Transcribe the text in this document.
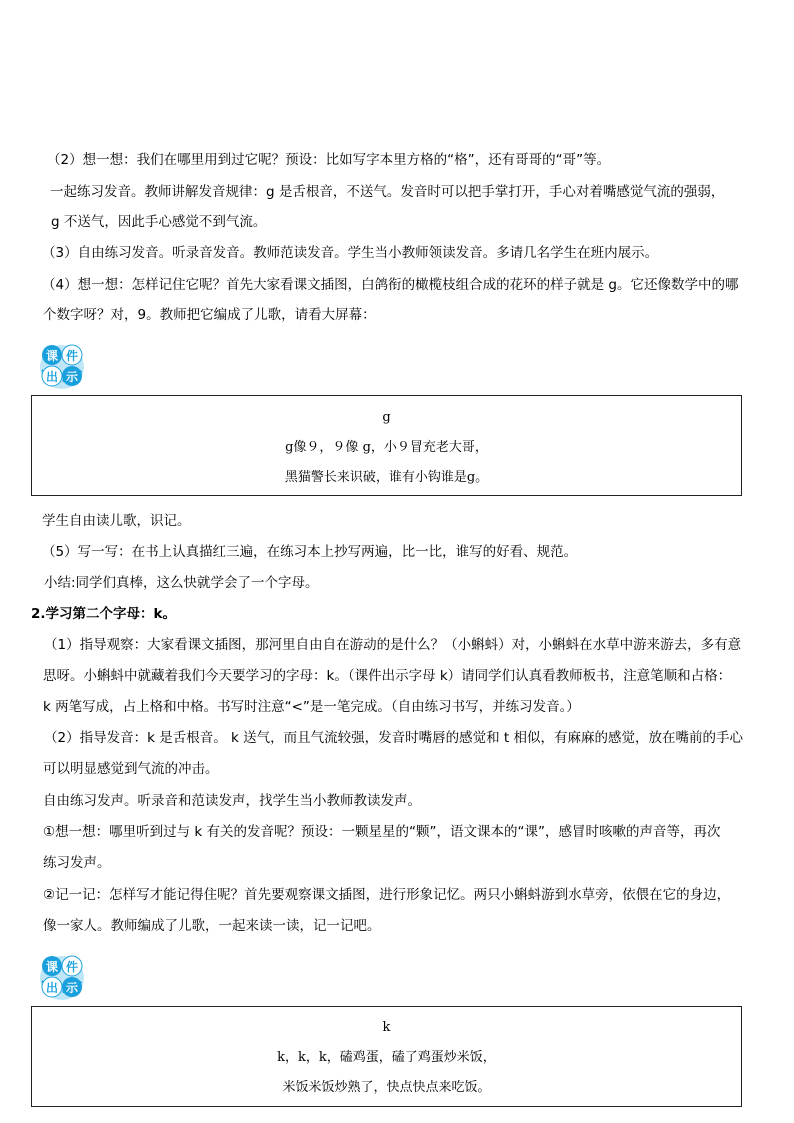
（2）想一想：我们在哪里用到过它呢？预设：比如写字本里方格的“格”，还有哥哥的“哥”等。
一起练习发音。教师讲解发音规律：g 是舌根音，不送气。发音时可以把手掌打开，手心对着嘴感觉气流的强弱，
g 不送气，因此手心感觉不到气流。
（3）自由练习发音。听录音发音。教师范读发音。学生当小教师领读发音。多请几名学生在班内展示。
（4）想一想：怎样记住它呢？首先大家看课文插图，白鸽衔的橄榄枝组合成的花环的样子就是 g。它还像数学中的哪
个数字呀？对，9。教师把它编成了儿歌，请看大屏幕：
课 件
出 示
g
g像９，９像 g，小９冒充老大哥，
黑猫警长来识破，谁有小钩谁是g。
学生自由读儿歌，识记。
（5）写一写：在书上认真描红三遍，在练习本上抄写两遍，比一比，谁写的好看、规范。
小结:同学们真棒，这么快就学会了一个字母。
2.学习第二个字母：k。
（1）指导观察：大家看课文插图，那河里自由自在游动的是什么？（小蝌蚪）对，小蝌蚪在水草中游来游去，多有意
思呀。小蝌蚪中就藏着我们今天要学习的字母：k。（课件出示字母 k）请同学们认真看教师板书，注意笔顺和占格：
k 两笔写成，占上格和中格。书写时注意“<”是一笔完成。（自由练习书写，并练习发音。）
（2）指导发音：k 是舌根音。 k 送气，而且气流较强，发音时嘴唇的感觉和 t 相似，有麻麻的感觉，放在嘴前的手心
可以明显感觉到气流的冲击。
自由练习发声。听录音和范读发声，找学生当小教师教读发声。
①想一想：哪里听到过与 k 有关的发音呢？预设：一颗星星的“颗”，语文课本的“课”，感冒时咳嗽的声音等，再次
练习发声。
②记一记：怎样写才能记得住呢？首先要观察课文插图，进行形象记忆。两只小蝌蚪游到水草旁，依偎在它的身边，
像一家人。教师编成了儿歌，一起来读一读，记一记吧。
课 件
出 示
k
k，k，k，磕鸡蛋，磕了鸡蛋炒米饭，
米饭米饭炒熟了，快点快点来吃饭。
